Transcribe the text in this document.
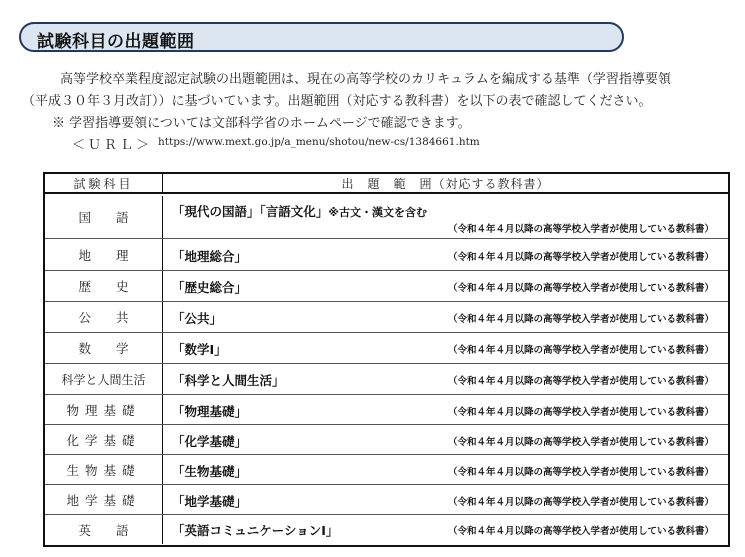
試験科目の出題範囲
高等学校卒業程度認定試験の出題範囲は、現在の高等学校のカリキュラムを編成する基準（学習指導要領
（平成３０年３月改訂））に基づいています。出題範囲（対応する教科書）を以下の表で確認してください。
※ 学習指導要領については文部科学省のホームページで確認できます。
＜ＵＲＬ＞ https://www.mext.go.jp/a_menu/shotou/new-cs/1384661.htm
試験科目	出　題　範　囲（対応する教科書）
国　　語	「現代の国語」「言語文化」※古文・漢文を含む
（令和４年４月以降の高等学校入学者が使用している教科書）
地　　理	「地理総合」	（令和４年４月以降の高等学校入学者が使用している教科書）
歴　　史	「歴史総合」	（令和４年４月以降の高等学校入学者が使用している教科書）
公　　共	「公共」	（令和４年４月以降の高等学校入学者が使用している教科書）
数　　学	「数学Ⅰ」	（令和４年４月以降の高等学校入学者が使用している教科書）
科学と人間生活	「科学と人間生活」	（令和４年４月以降の高等学校入学者が使用している教科書）
物理基礎	「物理基礎」	（令和４年４月以降の高等学校入学者が使用している教科書）
化学基礎	「化学基礎」	（令和４年４月以降の高等学校入学者が使用している教科書）
生物基礎	「生物基礎」	（令和４年４月以降の高等学校入学者が使用している教科書）
地学基礎	「地学基礎」	（令和４年４月以降の高等学校入学者が使用している教科書）
英　　語	「英語コミュニケーションⅠ」	（令和４年４月以降の高等学校入学者が使用している教科書）
